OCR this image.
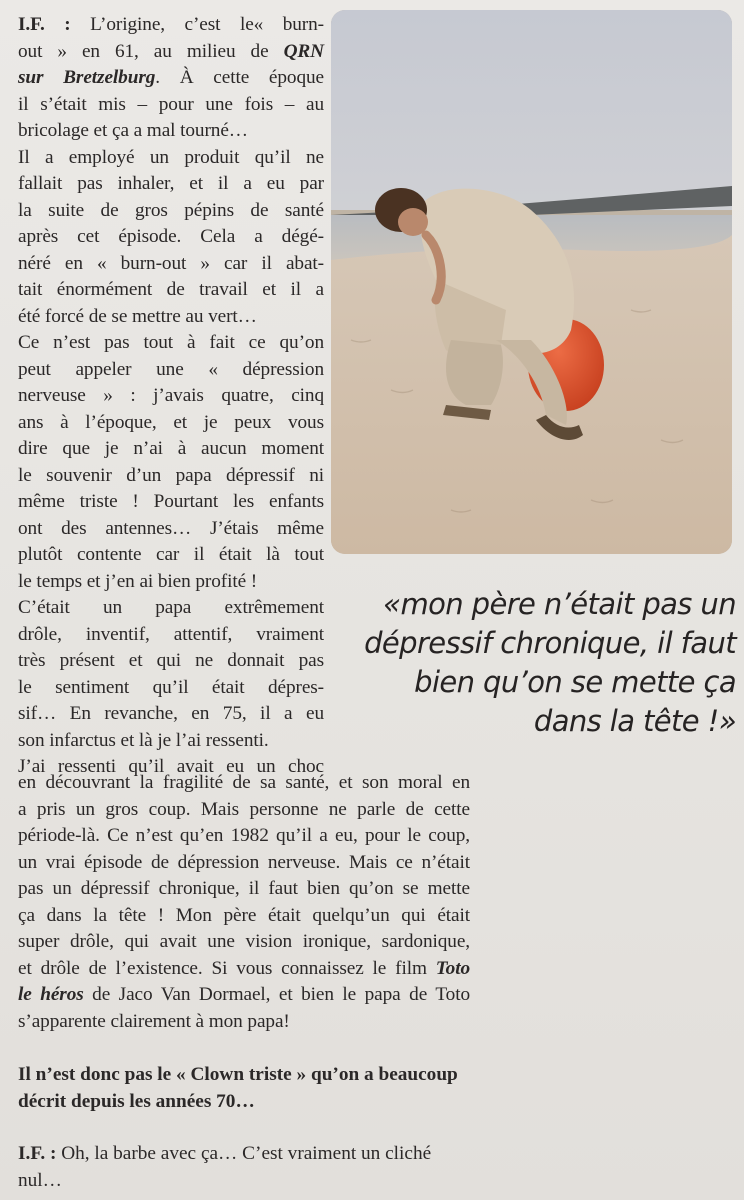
I.F. : L’origine, c’est le« burn-
out » en 61, au milieu de QRN
sur Bretzelburg. À cette époque
il s’était mis – pour une fois – au
bricolage et ça a mal tourné…
Il a employé un produit qu’il ne
fallait pas inhaler, et il a eu par
la suite de gros pépins de santé
après cet épisode. Cela a dégé-
néré en « burn-out » car il abat-
tait énormément de travail et il a
été forcé de se mettre au vert…
Ce n’est pas tout à fait ce qu’on
peut appeler une « dépression
nerveuse » : j’avais quatre, cinq
ans à l’époque, et je peux vous
dire que je n’ai à aucun moment
le souvenir d’un papa dépressif ni
même triste ! Pourtant les enfants
ont des antennes… J’étais même
plutôt contente car il était là tout
le temps et j’en ai bien profité !
C’était un papa extrêmement
drôle, inventif, attentif, vraiment
très présent et qui ne donnait pas
le sentiment qu’il était dépres-
sif… En revanche, en 75, il a eu
son infarctus et là je l’ai ressenti.
J’ai ressenti qu’il avait eu un choc
en découvrant la fragilité de sa santé, et son moral en
a pris un gros coup. Mais personne ne parle de cette
période-là. Ce n’est qu’en 1982 qu’il a eu, pour le coup,
un vrai épisode de dépression nerveuse. Mais ce n’était
pas un dépressif chronique, il faut bien qu’on se mette
ça dans la tête ! Mon père était quelqu’un qui était
super drôle, qui avait une vision ironique, sardonique,
et drôle de l’existence. Si vous connaissez le film Toto
le héros de Jaco Van Dormael, et bien le papa de Toto
s’apparente clairement à mon papa!
Il n’est donc pas le « Clown triste » qu’on a beaucoup
décrit depuis les années 70…
I.F. : Oh, la barbe avec ça… C’est vraiment un cliché
nul…
«mon père n’était pas un
dépressif chronique, il faut
bien qu’on se mette ça
dans la tête !»
